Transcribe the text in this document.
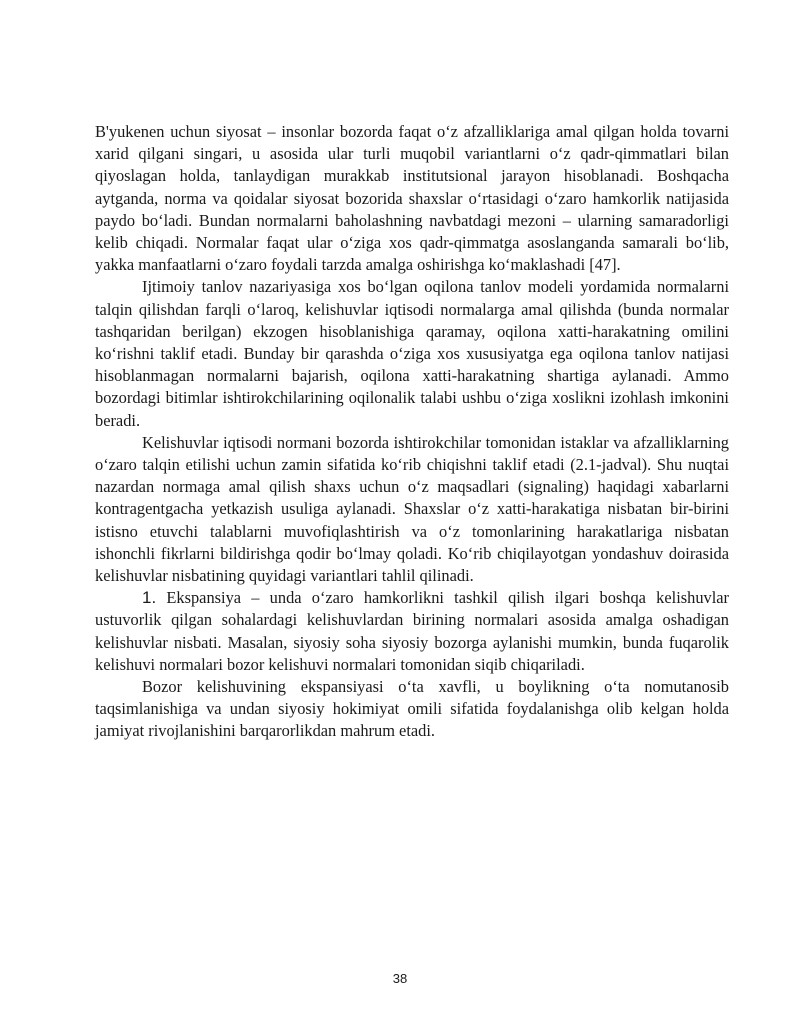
B'yukenen uchun siyosat – insonlar bozorda faqat o‘z afzalliklariga amal qilgan holda tovarni xarid qilgani singari, u asosida ular turli muqobil variantlarni o‘z qadr-qimmatlari bilan qiyoslagan holda, tanlaydigan murakkab institutsional jarayon hisoblanadi. Boshqacha aytganda, norma va qoidalar siyosat bozorida shaxslar o‘rtasidagi o‘zaro hamkorlik natijasida paydo bo‘ladi. Bundan normalarni baholashning navbatdagi mezoni – ularning samaradorligi kelib chiqadi. Normalar faqat ular o‘ziga xos qadr-qimmatga asoslanganda samarali bo‘lib, yakka manfaatlarni o‘zaro foydali tarzda amalga oshirishga ko‘maklashadi [47].

Ijtimoiy tanlov nazariyasiga xos bo‘lgan oqilona tanlov modeli yordamida normalarni talqin qilishdan farqli o‘laroq, kelishuvlar iqtisodi normalarga amal qilishda (bunda normalar tashqaridan berilgan) ekzogen hisoblanishiga qaramay, oqilona xatti-harakatning omilini ko‘rishni taklif etadi. Bunday bir qarashda o‘ziga xos xususiyatga ega oqilona tanlov natijasi hisoblanmagan normalarni bajarish, oqilona xatti-harakatning shartiga aylanadi. Ammo bozordagi bitimlar ishtirokchilarining oqilonalik talabi ushbu o‘ziga xoslikni izohlash imkonini beradi.

Kelishuvlar iqtisodi normani bozorda ishtirokchilar tomonidan istaklar va afzalliklarning o‘zaro talqin etilishi uchun zamin sifatida ko‘rib chiqishni taklif etadi (2.1-jadval). Shu nuqtai nazardan normaga amal qilish shaxs uchun o‘z maqsadlari (signaling) haqidagi xabarlarni kontragentgacha yetkazish usuliga aylanadi. Shaxslar o‘z xatti-harakatiga nisbatan bir-birini istisno etuvchi talablarni muvofiqlashtirish va o‘z tomonlarining harakatlariga nisbatan ishonchli fikrlarni bildirishga qodir bo‘lmay qoladi. Ko‘rib chiqilayotgan yondashuv doirasida kelishuvlar nisbatining quyidagi variantlari tahlil qilinadi.

1. Ekspansiya – unda o‘zaro hamkorlikni tashkil qilish ilgari boshqa kelishuvlar ustuvorlik qilgan sohalardagi kelishuvlardan birining normalari asosida amalga oshadigan kelishuvlar nisbati. Masalan, siyosiy soha siyosiy bozorga aylanishi mumkin, bunda fuqarolik kelishuvi normalari bozor kelishuvi normalari tomonidan siqib chiqariladi.

Bozor kelishuvining ekspansiyasi o‘ta xavfli, u boylikning o‘ta nomutanosib taqsimlanishiga va undan siyosiy hokimiyat omili sifatida foydalanishga olib kelgan holda jamiyat rivojlanishini barqarorlikdan mahrum etadi.

38
